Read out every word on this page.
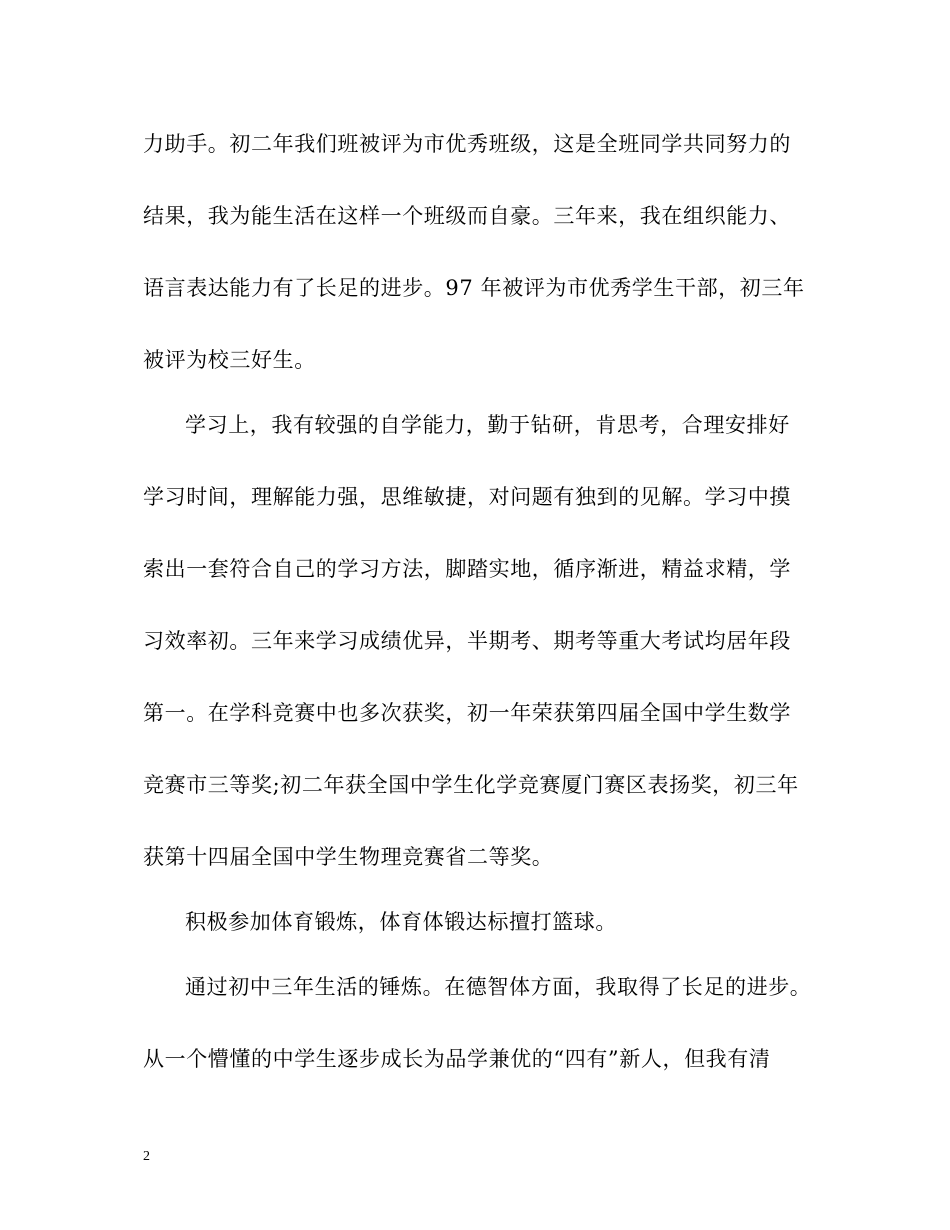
力助手。初二年我们班被评为市优秀班级，这是全班同学共同努力的
结果，我为能生活在这样一个班级而自豪。三年来，我在组织能力、
语言表达能力有了长足的进步。97 年被评为市优秀学生干部，初三年
被评为校三好生。
学习上，我有较强的自学能力，勤于钻研，肯思考，合理安排好
学习时间，理解能力强，思维敏捷，对问题有独到的见解。学习中摸
索出一套符合自己的学习方法，脚踏实地，循序渐进，精益求精，学
习效率初。三年来学习成绩优异，半期考、期考等重大考试均居年段
第一。在学科竞赛中也多次获奖，初一年荣获第四届全国中学生数学
竞赛市三等奖;初二年获全国中学生化学竞赛厦门赛区表扬奖，初三年
获第十四届全国中学生物理竞赛省二等奖。
积极参加体育锻炼，体育体锻达标擅打篮球。
通过初中三年生活的锤炼。在德智体方面，我取得了长足的进步。
从一个懵懂的中学生逐步成长为品学兼优的“四有”新人，但我有清
2
